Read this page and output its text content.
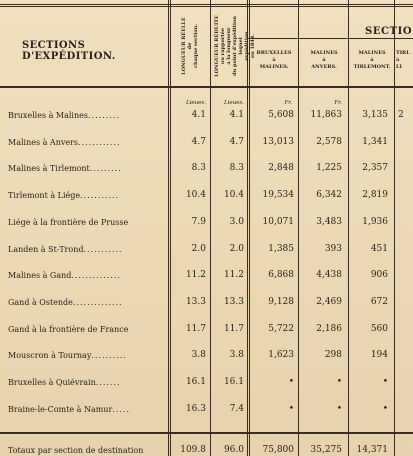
SECTIONS D'EXPÉDITION.	LONGUEUR RÉELLE
de
chaque section.
LONGUEUR RÉDUITE
ou rapportée
a la longueur
du point d'expédition
lequel
expédition
en 1844.
SECTIO
BRUXELLES
à
MALINES.
MALINES
à
ANVERS.
MALINES
à
TIRLEMONT.
TIRL
à
LI
Lieues.	Lieues.	Fr.	Fr.
Bruxelles à Malines.........	4.1	4.1	5,608	11,863	3,135 2
Malines à Anvers............	4.7	4.7	13,013	2,578	1,341
Malines à Tirlemont.........	8.3	8.3	2,848	1,225	2,357
Tirlemont à Liége...........	10.4	10.4	19,534	6,342	2,819
Liége à la frontière de Prusse	7.9	3.0	10,071	3,483	1,936
Landen à St-Trond...........	2.0	2.0	1,385	393	451
Malines à Gand..............	11.2	11.2	6,868	4,438	906
Gand à Ostende..............	13.3	13.3	9,128	2,469	672
Gand à la frontière de France	11.7	11.7	5,722	2,186	560
Mouscron à Tournay..........	3.8	3.8	1,623	298	194
Bruxelles à Quiévrain.......	16.1	16.1	•	•	•
Braine-le-Comte à Namur.....	16.3	7.4	•	•	•
Totaux par section de destination	109.8	96.0	75,800	35,275	14,371
